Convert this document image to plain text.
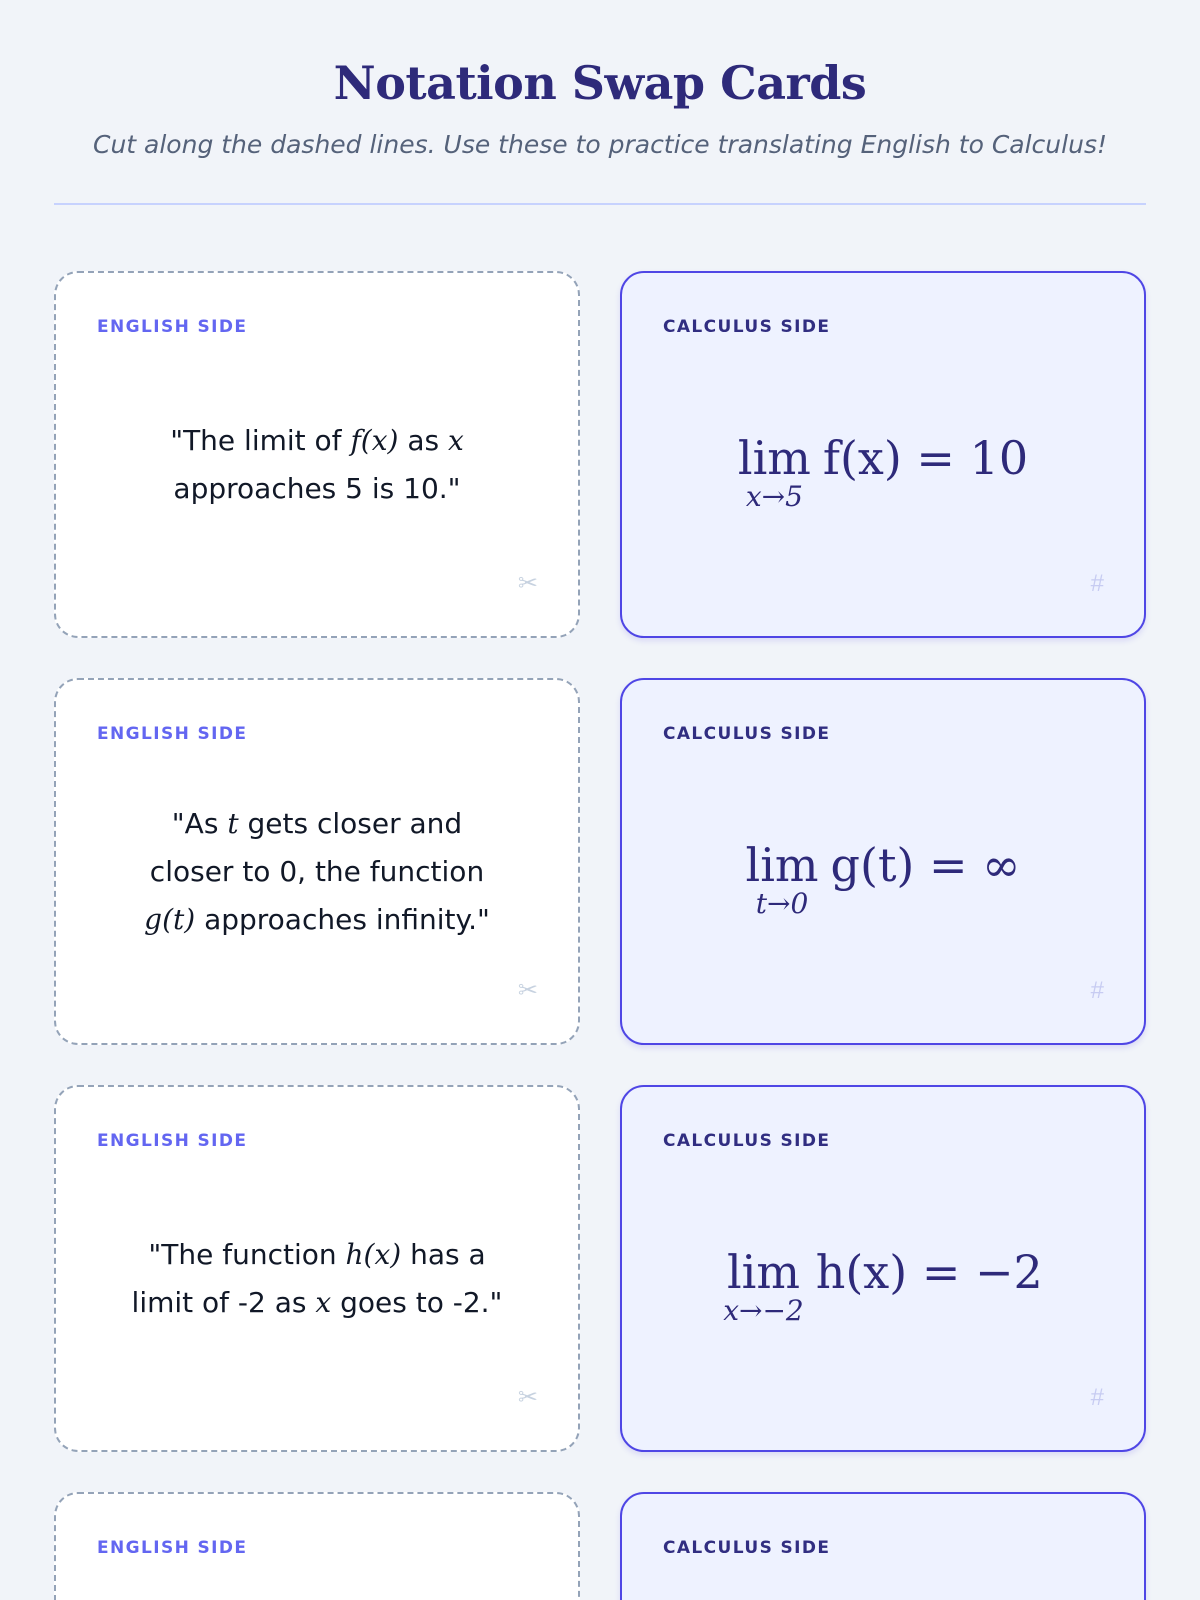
Notation Swap Cards

Cut along the dashed lines. Use these to practice translating English to Calculus!

ENGLISH SIDE
"The limit of f(x) as x
approaches 5 is 10."
✂
CALCULUS SIDE
lim
x→5
f(x) = 10
#
ENGLISH SIDE
"As t gets closer and
closer to 0, the function
g(t) approaches infinity."
✂
CALCULUS SIDE
lim
t→0
g(t) = ∞
#
ENGLISH SIDE
"The function h(x) has a
limit of -2 as x goes to -2."
✂
CALCULUS SIDE
lim
x→−2
h(x) = −2
#
ENGLISH SIDE	CALCULUS SIDE
